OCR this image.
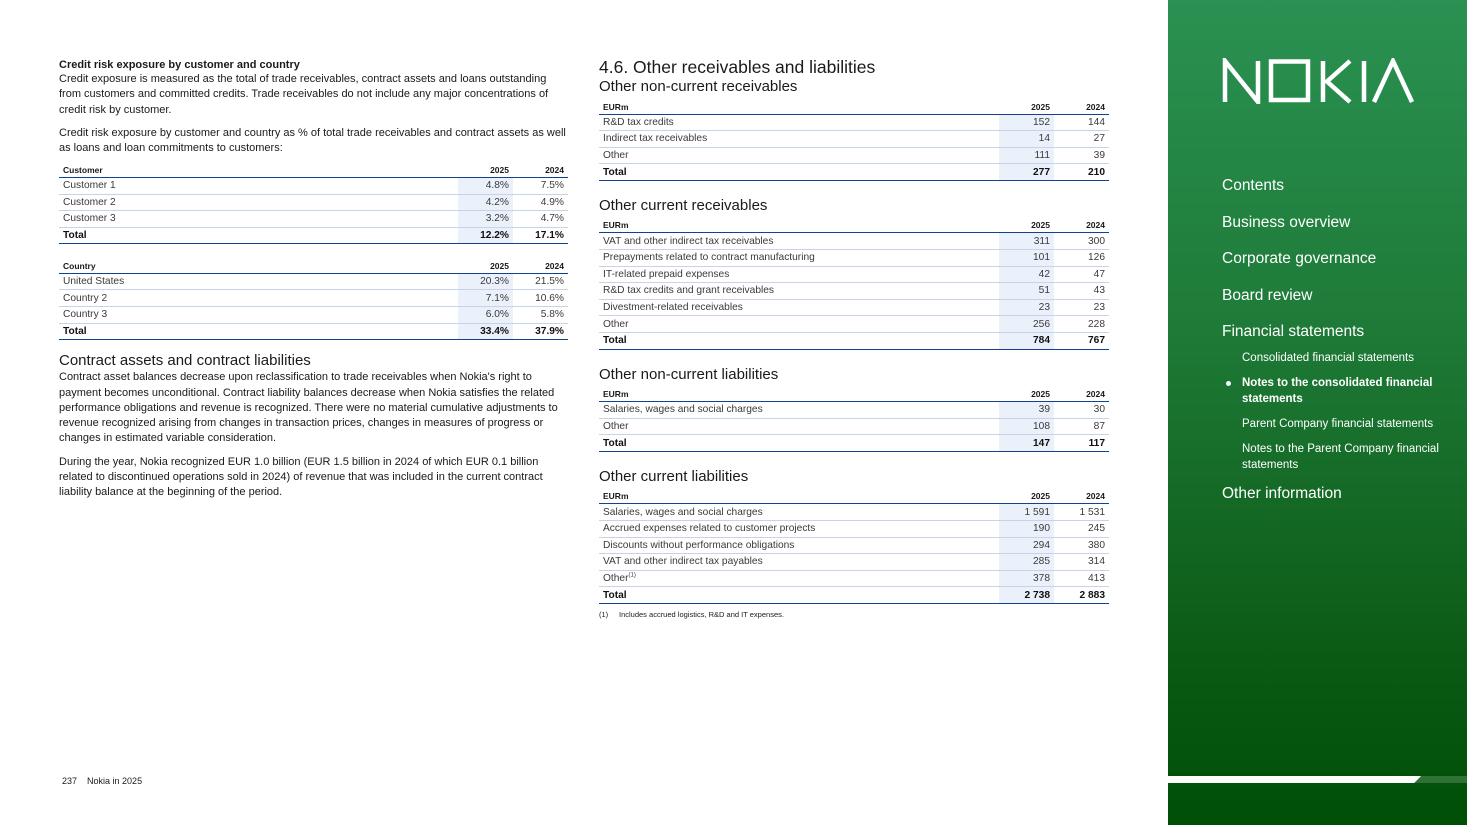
Credit risk exposure by customer and country
Credit exposure is measured as the total of trade receivables, contract assets and loans outstanding from customers and committed credits. Trade receivables do not include any major concentrations of credit risk by customer.
Credit risk exposure by customer and country as % of total trade receivables and contract assets as well as loans and loan commitments to customers:
Customer	2025	2024
Customer 1	4.8%	7.5%
Customer 2	4.2%	4.9%
Customer 3	3.2%	4.7%
Total	12.2%	17.1%
Country	2025	2024
United States	20.3%	21.5%
Country 2	7.1%	10.6%
Country 3	6.0%	5.8%
Total	33.4%	37.9%
Contract assets and contract liabilities
Contract asset balances decrease upon reclassification to trade receivables when Nokia's right to payment becomes unconditional. Contract liability balances decrease when Nokia satisfies the related performance obligations and revenue is recognized. There were no material cumulative adjustments to revenue recognized arising from changes in transaction prices, changes in measures of progress or changes in estimated variable consideration.
During the year, Nokia recognized EUR 1.0 billion (EUR 1.5 billion in 2024 of which EUR 0.1 billion related to discontinued operations sold in 2024) of revenue that was included in the current contract liability balance at the beginning of the period.
4.6. Other receivables and liabilities
Other non-current receivables
EURm	2025	2024
R&D tax credits	152	144
Indirect tax receivables	14	27
Other	111	39
Total	277	210
Other current receivables
EURm	2025	2024
VAT and other indirect tax receivables	311	300
Prepayments related to contract manufacturing	101	126
IT-related prepaid expenses	42	47
R&D tax credits and grant receivables	51	43
Divestment-related receivables	23	23
Other	256	228
Total	784	767
Other non-current liabilities
EURm	2025	2024
Salaries, wages and social charges	39	30
Other	108	87
Total	147	117
Other current liabilities
EURm	2025	2024
Salaries, wages and social charges	1 591	1 531
Accrued expenses related to customer projects	190	245
Discounts without performance obligations	294	380
VAT and other indirect tax payables	285	314
Other$^{(1)}$	378	413
Total	2 738	2 883
(1) Includes accrued logistics, R&D and IT expenses.
237 Nokia in 2025
Contents
Business overview
Corporate governance
Board review
Financial statements
Consolidated financial statements
Notes to the consolidated financial statements
Parent Company financial statements
Notes to the Parent Company financial statements
Other information
